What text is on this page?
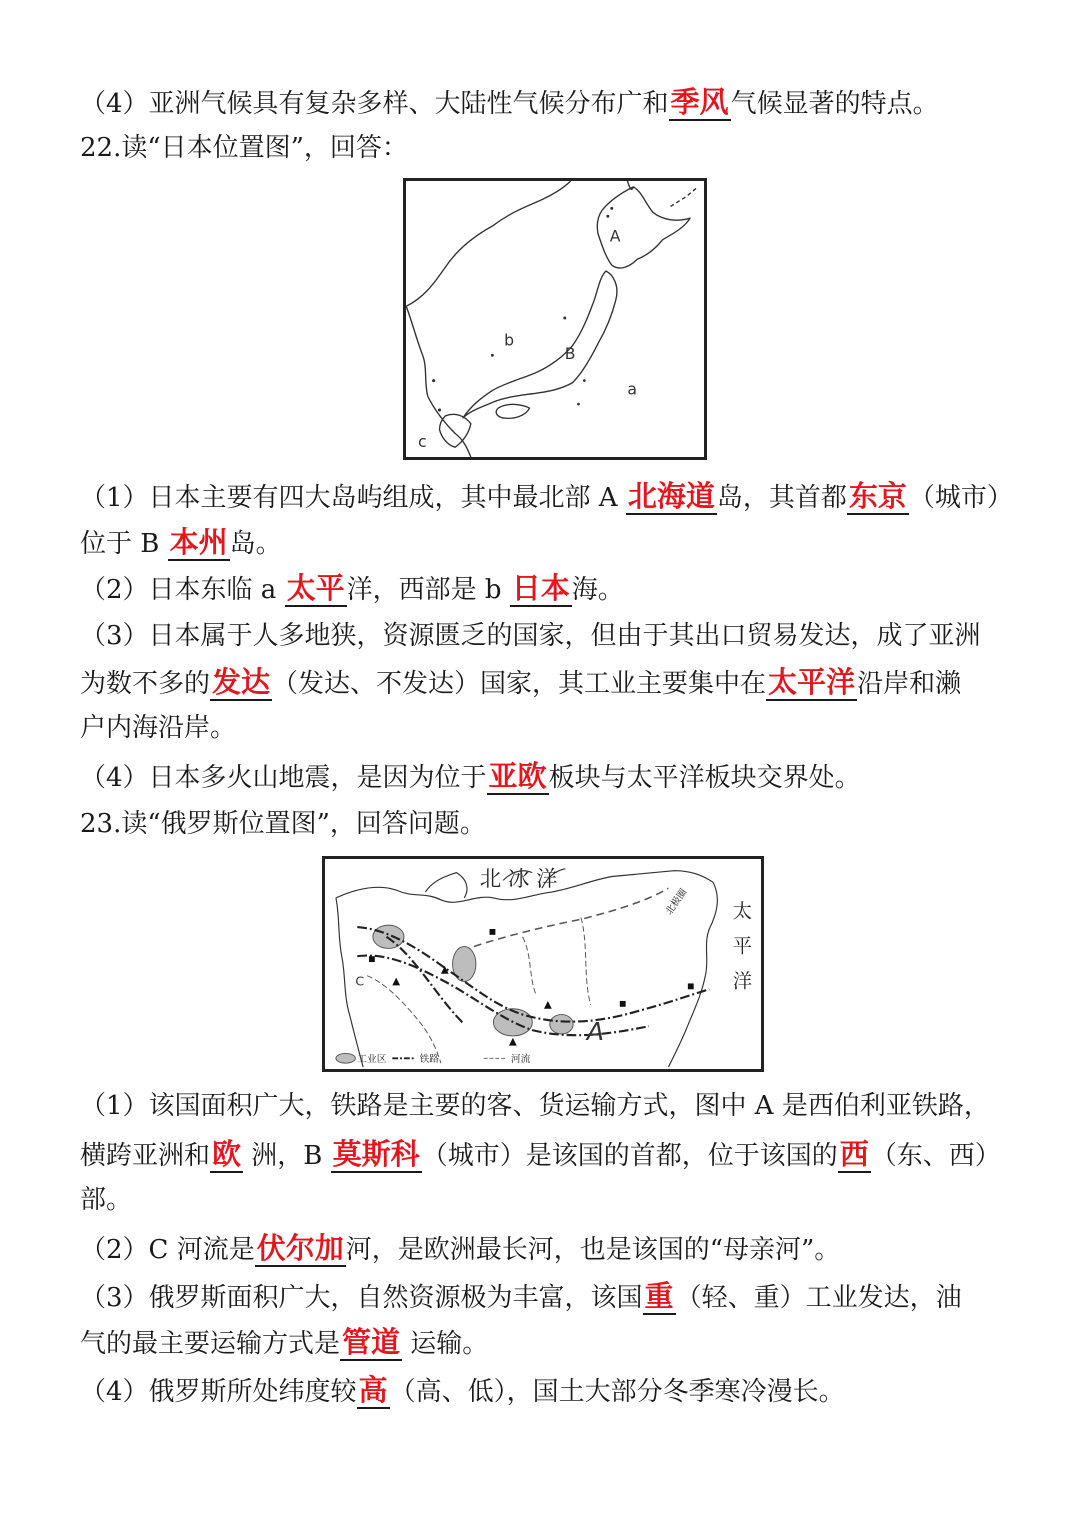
（4）亚洲气候具有复杂多样、大陆性气候分布广和季风气候显著的特点。
22.读“日本位置图”，回答：
A
b
B
a
c
（1）日本主要有四大岛屿组成，其中最北部 A 北海道岛，其首都东京（城市）
位于 B 本州岛。
（2）日本东临 a 太平洋，西部是 b 日本海。
（3）日本属于人多地狭，资源匮乏的国家，但由于其出口贸易发达，成了亚洲
为数不多的发达（发达、不发达）国家，其工业主要集中在太平洋沿岸和濑
户内海沿岸。
（4）日本多火山地震，是因为位于亚欧板块与太平洋板块交界处。
23.读“俄罗斯位置图”，回答问题。
北 冰 洋
太
平
洋
北极圈
A
C
工业区	铁路	河流
（1）该国面积广大，铁路是主要的客、货运输方式，图中 A 是西伯利亚铁路，
横跨亚洲和欧 洲，B 莫斯科（城市）是该国的首都，位于该国的西（东、西）
部。
（2）C 河流是伏尔加河，是欧洲最长河，也是该国的“母亲河”。
（3）俄罗斯面积广大，自然资源极为丰富，该国重（轻、重）工业发达，油
气的最主要运输方式是管道 运输。
（4）俄罗斯所处纬度较高（高、低），国土大部分冬季寒冷漫长。
